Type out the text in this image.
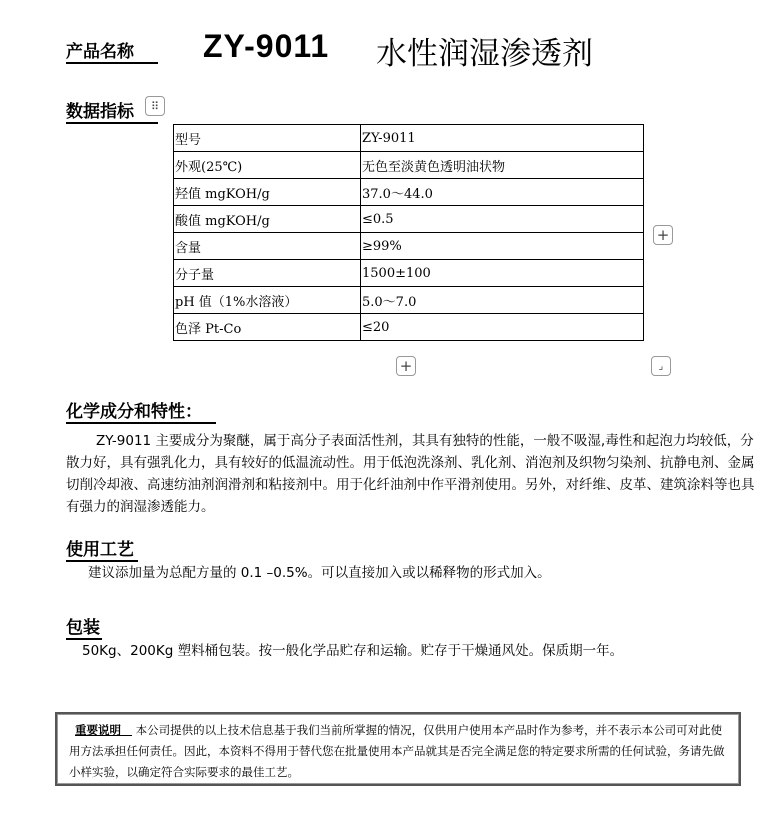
产品名称	ZY-9011 水性润湿渗透剂
数据指标	⠿
型号	ZY-9011
外观(25℃)	无色至淡黄色透明油状物
羟值 mgKOH/g	37.0～44.0
酸值 mgKOH/g	≤0.5
含量	≥99%
分子量	1500±100
pH 值（1%水溶液）	5.0～7.0
色泽 Pt-Co	≤20
+
+	⌟
化学成分和特性：
ZY-9011 主要成分为聚醚，属于高分子表面活性剂，其具有独特的性能，一般不吸湿,毒性和起泡力均较低，分散力好，具有强乳化力，具有较好的低温流动性。用于低泡洗涤剂、乳化剂、消泡剂及织物匀染剂、抗静电剂、金属切削冷却液、高速纺油剂润滑剂和粘接剂中。用于化纤油剂中作平滑剂使用。另外，对纤维、皮革、建筑涂料等也具有强力的润湿渗透能力。
使用工艺
建议添加量为总配方量的 0.1 –0.5%。可以直接加入或以稀释物的形式加入。
包装
50Kg、200Kg 塑料桶包装。按一般化学品贮存和运输。贮存于干燥通风处。保质期一年。
重要说明 本公司提供的以上技术信息基于我们当前所掌握的情况，仅供用户使用本产品时作为参考，并不表示本公司可对此使用方法承担任何责任。因此，本资料不得用于替代您在批量使用本产品就其是否完全满足您的特定要求所需的任何试验，务请先做小样实验，以确定符合实际要求的最佳工艺。
